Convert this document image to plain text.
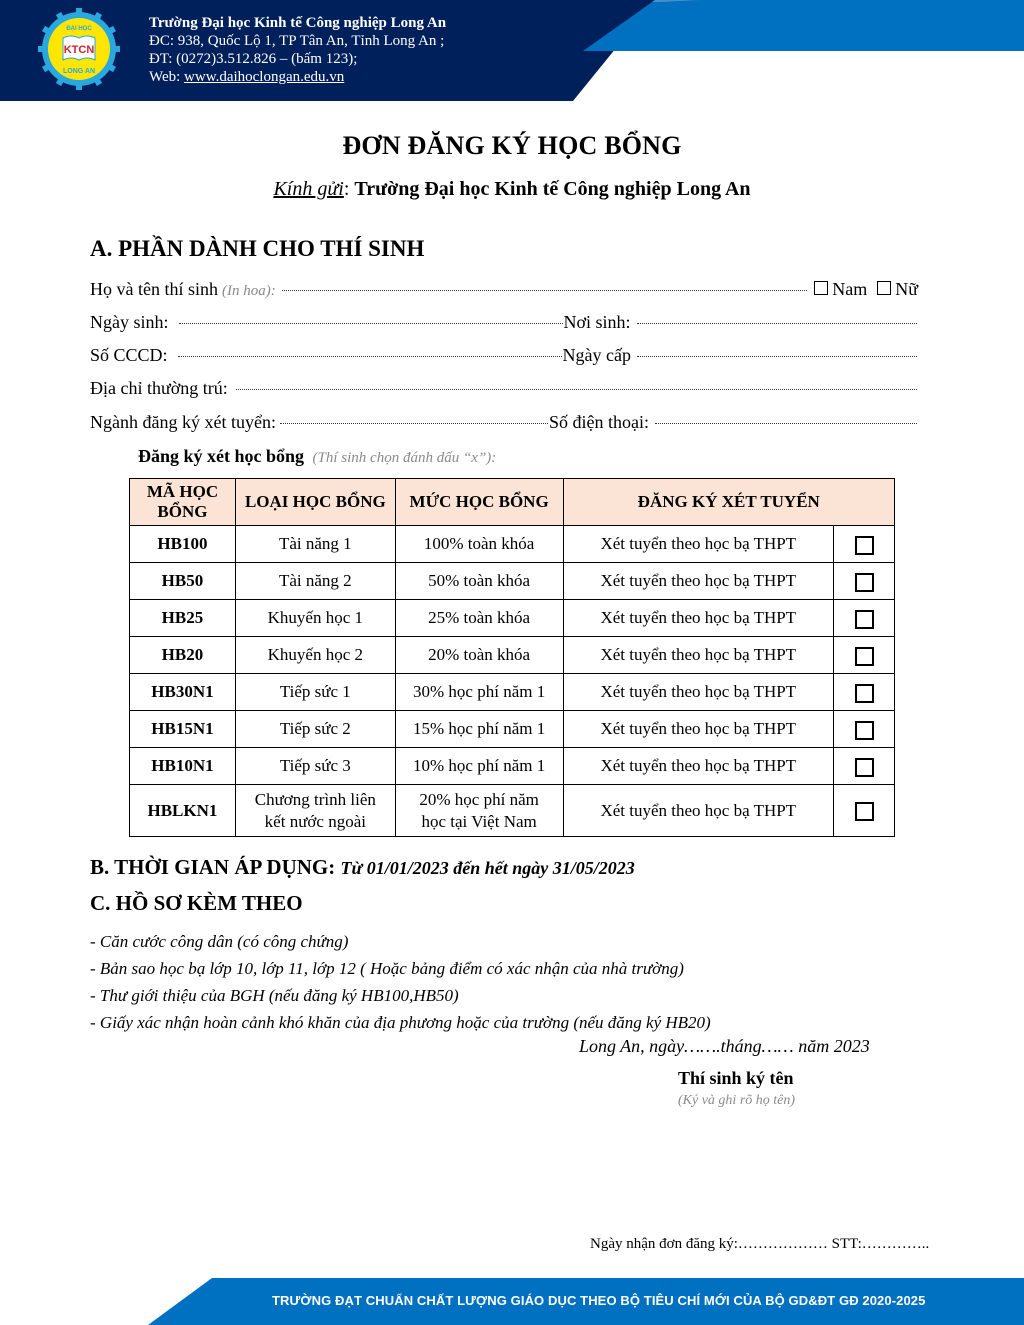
KTCN
ĐẠI HỌC
LONG AN
Trường Đại học Kinh tế Công nghiệp Long An
ĐC: 938, Quốc Lộ 1, TP Tân An, Tỉnh Long An ;
ĐT: (0272)3.512.826 – (bấm 123);
Web: www.daihoclongan.edu.vn
ĐƠN ĐĂNG KÝ HỌC BỔNG
Kính gửi: Trường Đại học Kinh tế Công nghiệp Long An
A. PHẦN DÀNH CHO THÍ SINH
Họ và tên thí sinh (In hoa):	Nam Nữ
Ngày sinh:	Nơi sinh:
Số CCCD:	Ngày cấp
Địa chỉ thường trú:
Ngành đăng ký xét tuyển:	Số điện thoại:
Đăng ký xét học bổng (Thí sinh chọn đánh dấu “x”):
MÃ HỌC BỔNG	LOẠI HỌC BỔNG	MỨC HỌC BỔNG	ĐĂNG KÝ XÉT TUYỂN	
HB100	Tài năng 1	100% toàn khóa	Xét tuyển theo học bạ THPT	
HB50	Tài năng 2	50% toàn khóa	Xét tuyển theo học bạ THPT	
HB25	Khuyến học 1	25% toàn khóa	Xét tuyển theo học bạ THPT	
HB20	Khuyến học 2	20% toàn khóa	Xét tuyển theo học bạ THPT	
HB30N1	Tiếp sức 1	30% học phí năm 1	Xét tuyển theo học bạ THPT	
HB15N1	Tiếp sức 2	15% học phí năm 1	Xét tuyển theo học bạ THPT	
HB10N1	Tiếp sức 3	10% học phí năm 1	Xét tuyển theo học bạ THPT	
HBLKN1	Chương trình liên kết nước ngoài	20% học phí năm học tại Việt Nam	Xét tuyển theo học bạ THPT	
B. THỜI GIAN ÁP DỤNG: Từ 01/01/2023 đến hết ngày 31/05/2023
C. HỒ SƠ KÈM THEO
- Căn cước công dân (có công chứng)
- Bản sao học bạ lớp 10, lớp 11, lớp 12 ( Hoặc bảng điểm có xác nhận của nhà trường)
- Thư giới thiệu của BGH (nếu đăng ký HB100,HB50)
- Giấy xác nhận hoàn cảnh khó khăn của địa phương hoặc của trường (nếu đăng ký HB20)
Long An, ngày…….tháng…… năm 2023
Thí sinh ký tên
(Ký và ghi rõ họ tên)
Ngày nhận đơn đăng ký:……………… STT:…………..
TRƯỜNG ĐẠT CHUẨN CHẤT LƯỢNG GIÁO DỤC THEO BỘ TIÊU CHÍ MỚI CỦA BỘ GD&ĐT GĐ 2020-2025
